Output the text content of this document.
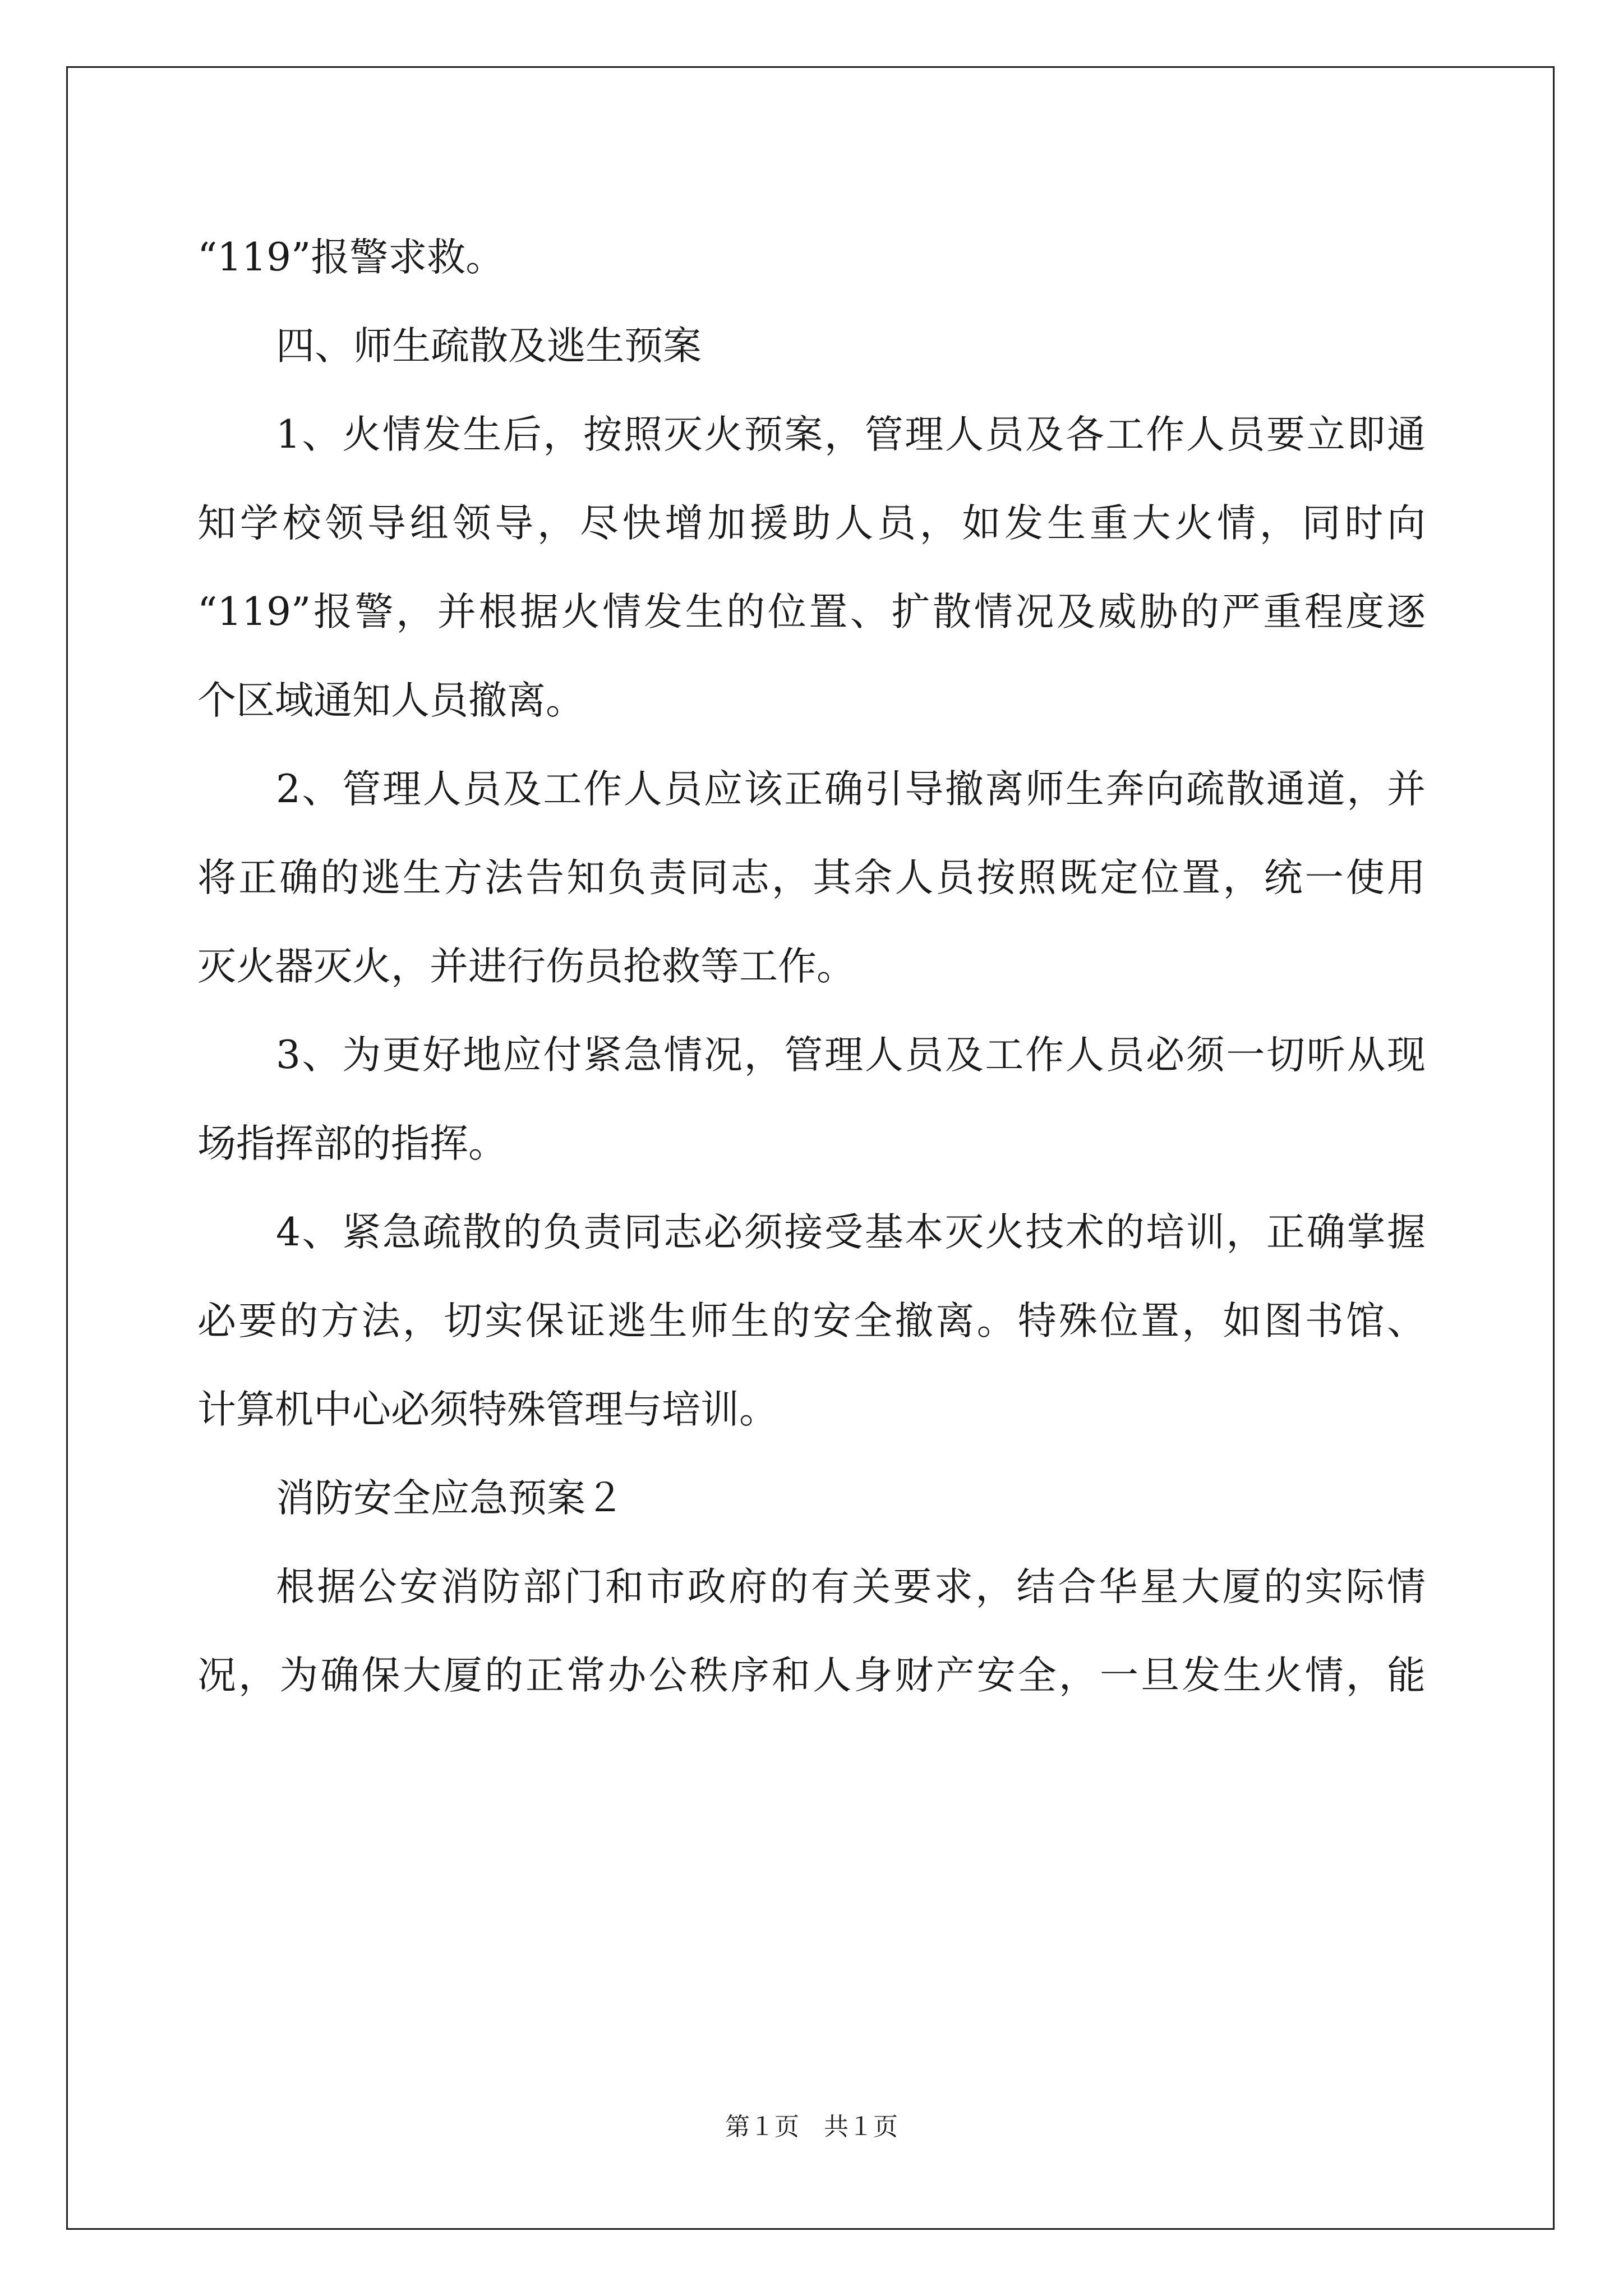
“119”报警求救。
四、师生疏散及逃生预案
1、火情发生后，按照灭火预案，管理人员及各工作人员要立即通
知学校领导组领导，尽快增加援助人员，如发生重大火情，同时向
“119”报警，并根据火情发生的位置、扩散情况及威胁的严重程度逐
个区域通知人员撤离。
2、管理人员及工作人员应该正确引导撤离师生奔向疏散通道，并
将正确的逃生方法告知负责同志，其余人员按照既定位置，统一使用
灭火器灭火，并进行伤员抢救等工作。
3、为更好地应付紧急情况，管理人员及工作人员必须一切听从现
场指挥部的指挥。
4、紧急疏散的负责同志必须接受基本灭火技术的培训，正确掌握
必要的方法，切实保证逃生师生的安全撤离。特殊位置，如图书馆、
计算机中心必须特殊管理与培训。
消防安全应急预案２
根据公安消防部门和市政府的有关要求，结合华星大厦的实际情
况，为确保大厦的正常办公秩序和人身财产安全，一旦发生火情，能
第１页　共１页
